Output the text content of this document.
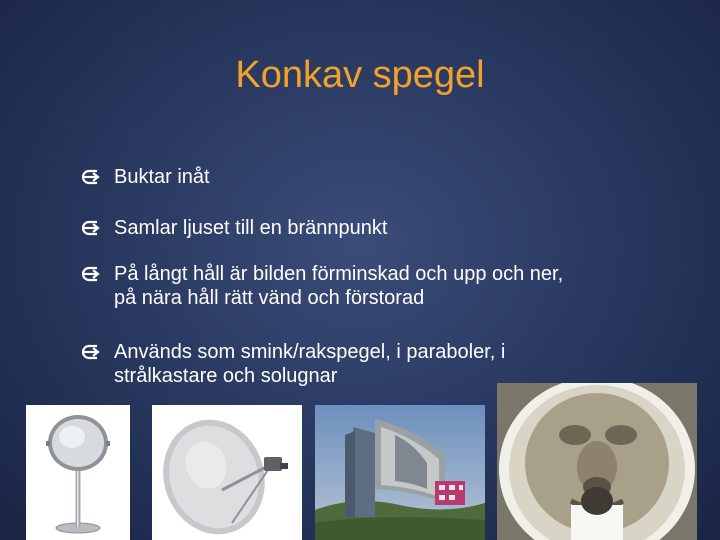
Konkav spegel
Buktar inåt
Samlar ljuset till en brännpunkt
På långt håll är bilden förminskad och upp och ner,
på nära håll rätt vänd och förstorad
Används som smink/rakspegel, i paraboler, i
strålkastare och solugnar
